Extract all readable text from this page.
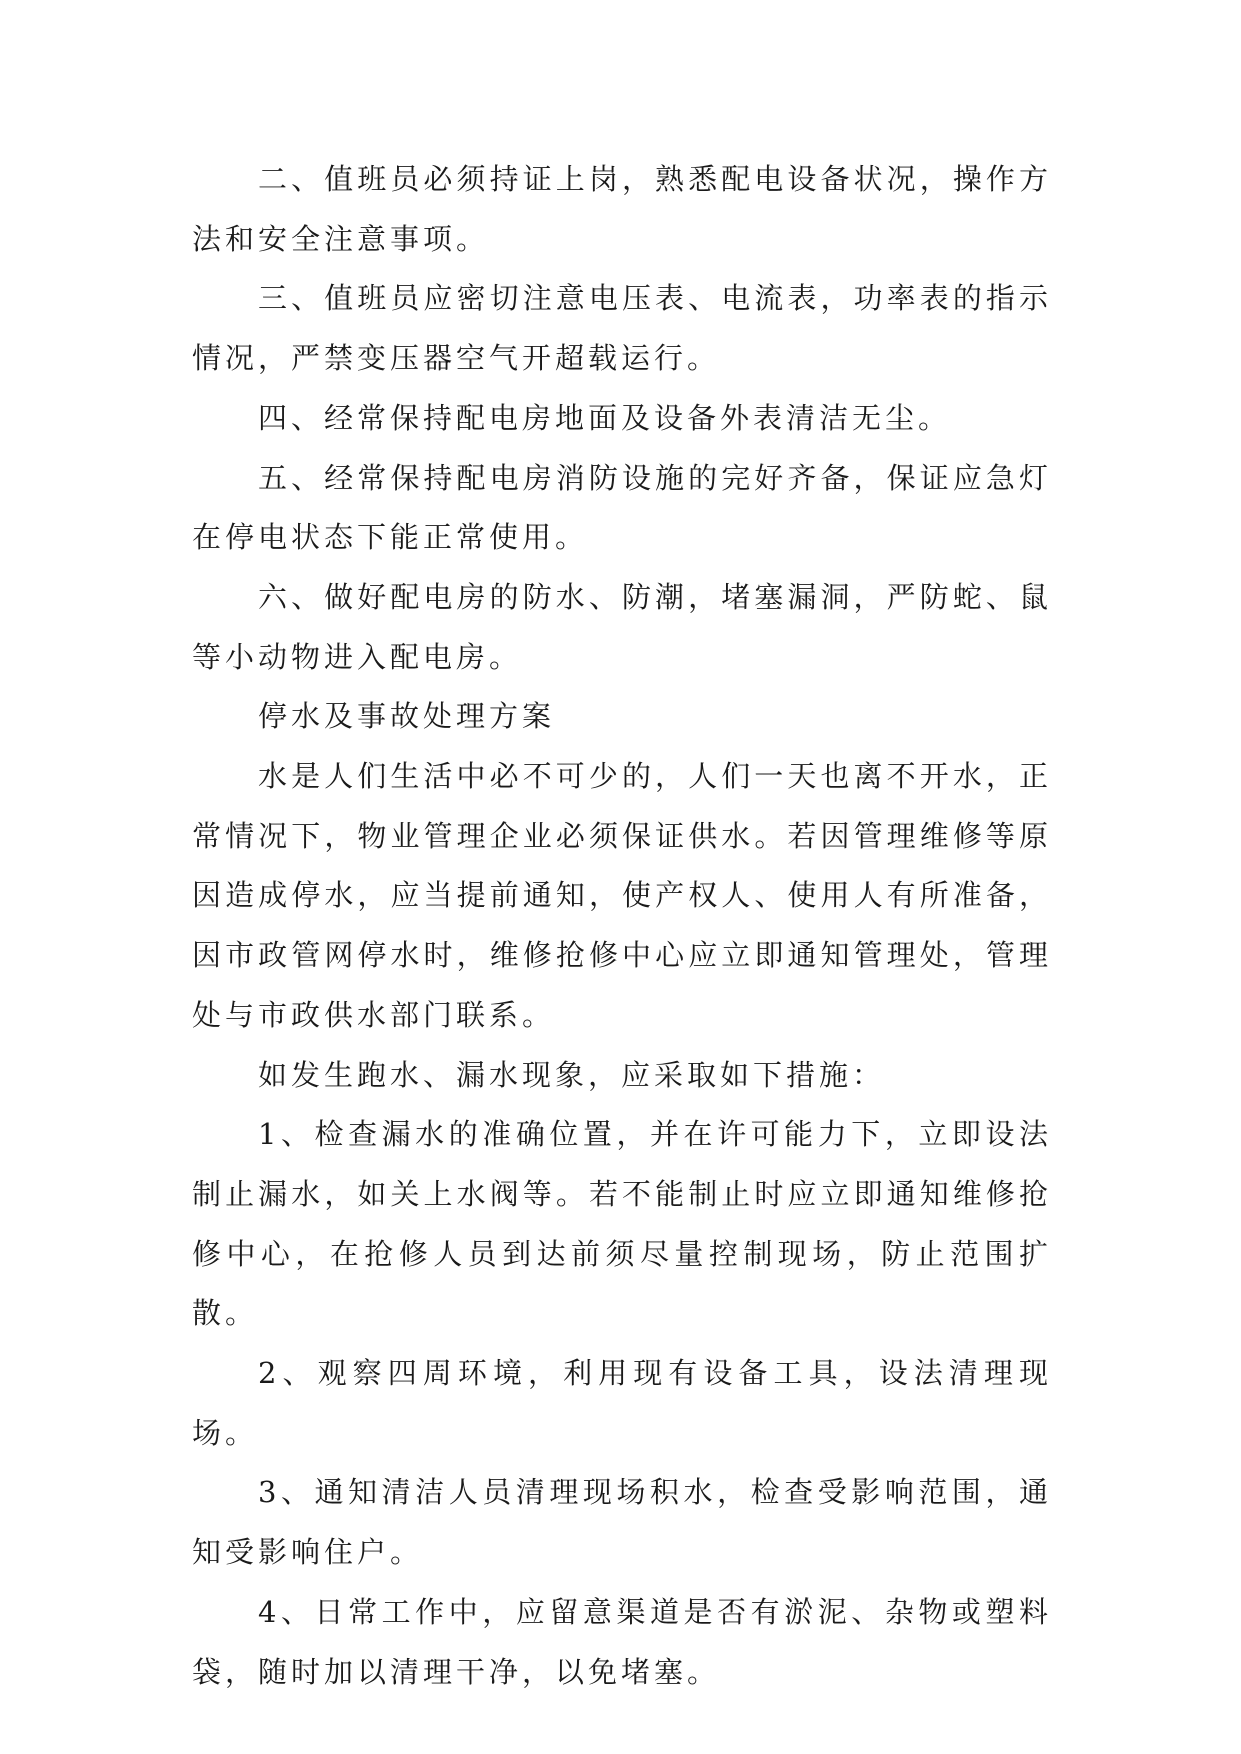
二、值班员必须持证上岗，熟悉配电设备状况，操作方法和安全注意事项。

三、值班员应密切注意电压表、电流表，功率表的指示情况，严禁变压器空气开超载运行。

四、经常保持配电房地面及设备外表清洁无尘。

五、经常保持配电房消防设施的完好齐备，保证应急灯在停电状态下能正常使用。

六、做好配电房的防水、防潮，堵塞漏洞，严防蛇、鼠等小动物进入配电房。

停水及事故处理方案

水是人们生活中必不可少的，人们一天也离不开水，正常情况下，物业管理企业必须保证供水。若因管理维修等原因造成停水，应当提前通知，使产权人、使用人有所准备，因市政管网停水时，维修抢修中心应立即通知管理处，管理处与市政供水部门联系。

如发生跑水、漏水现象，应采取如下措施：

1、检查漏水的准确位置，并在许可能力下，立即设法制止漏水，如关上水阀等。若不能制止时应立即通知维修抢修中心，在抢修人员到达前须尽量控制现场，防止范围扩散。

2、观察四周环境，利用现有设备工具，设法清理现场。

3、通知清洁人员清理现场积水，检查受影响范围，通知受影响住户。

4、日常工作中，应留意渠道是否有淤泥、杂物或塑料袋，随时加以清理干净，以免堵塞。
